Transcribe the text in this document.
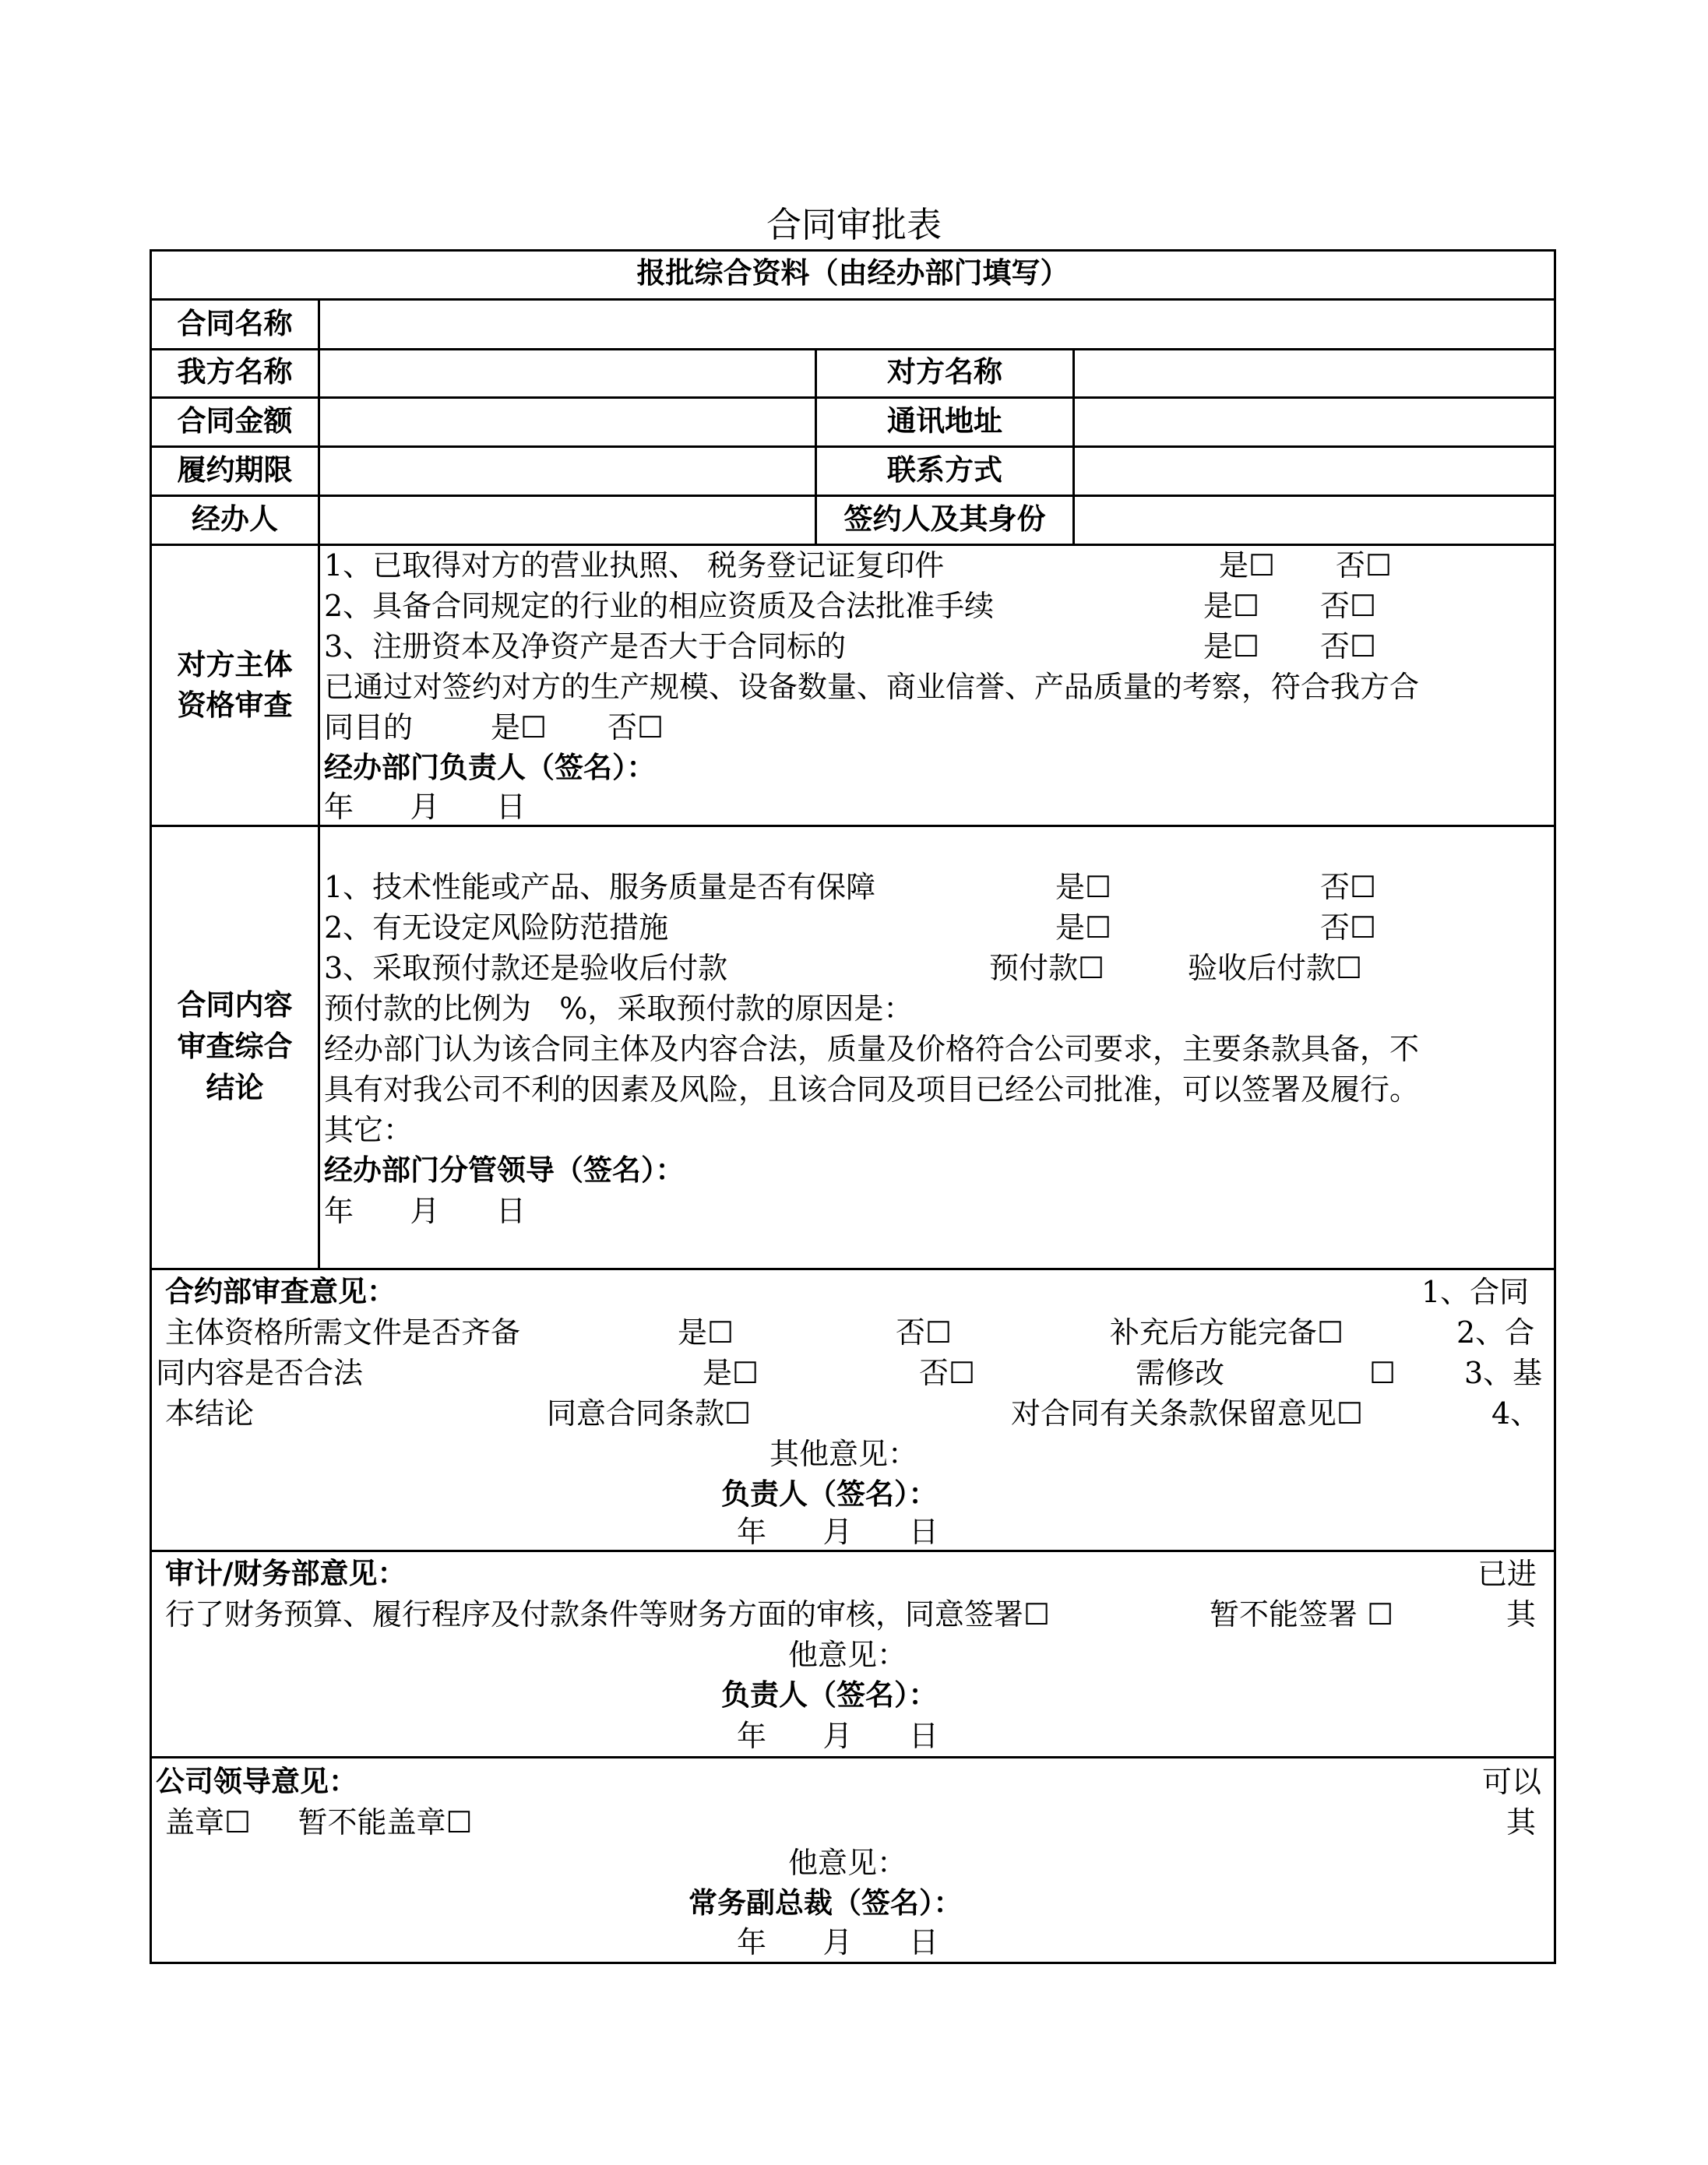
合同审批表
报批综合资料（由经办部门填写）
合同名称
我方名称	对方名称
合同金额	通讯地址
履约期限	联系方式
经办人	签约人及其身份
对方主体
资格审查
1、已取得对方的营业执照、 税务登记证复印件	是☐ 否☐
2、具备合同规定的行业的相应资质及合法批准手续	是☐ 否☐
3、注册资本及净资产是否大于合同标的	是☐ 否☐
已通过对签约对方的生产规模、设备数量、商业信誉、产品质量的考察，符合我方合
同目的	是☐ 否☐
经办部门负责人（签名）：
年      月      日
合同内容
审查综合
结论
1、技术性能或产品、服务质量是否有保障	是☐	否☐
2、有无设定风险防范措施	是☐	否☐
3、采取预付款还是验收后付款	预付款☐	验收后付款☐
预付款的比例为   %，采取预付款的原因是：
经办部门认为该合同主体及内容合法，质量及价格符合公司要求，主要条款具备，不
具有对我公司不利的因素及风险，且该合同及项目已经公司批准，可以签署及履行。
其它：
经办部门分管领导（签名）：
年      月      日
合约部审查意见：	1、合同
主体资格所需文件是否齐备	是☐	否☐	补充后方能完备☐	2、合
同内容是否合法	是☐	否☐	需修改	☐ 3、基
本结论	同意合同条款☐	对合同有关条款保留意见☐	4、
其他意见：
负责人（签名）：
年      月      日
审计/财务部意见：	已进
行了财务预算、履行程序及付款条件等财务方面的审核，同意签署☐	暂不能签署 ☐	其
他意见：
负责人（签名）：
年      月      日
公司领导意见：	可以
盖章☐     暂不能盖章☐	其
他意见：
常务副总裁（签名）：
年      月      日
